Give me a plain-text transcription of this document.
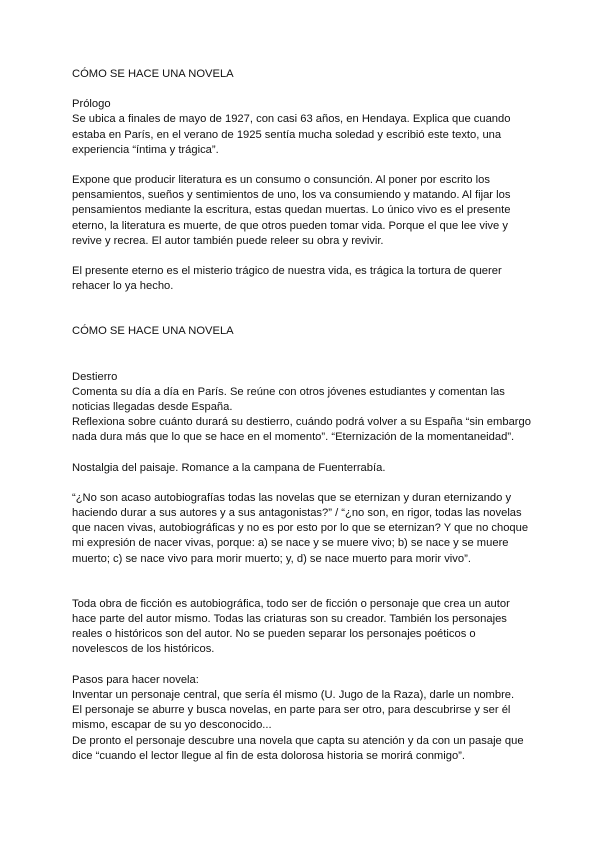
CÓMO SE HACE UNA NOVELA

Prólogo

Se ubica a finales de mayo de 1927, con casi 63 años, en Hendaya. Explica que cuando estaba en París, en el verano de 1925 sentía mucha soledad y escribió este texto, una experiencia “íntima y trágica”.

Expone que producir literatura es un consumo o consunción. Al poner por escrito los pensamientos, sueños y sentimientos de uno, los va consumiendo y matando. Al fijar los pensamientos mediante la escritura, estas quedan muertas. Lo único vivo es el presente eterno, la literatura es muerte, de que otros pueden tomar vida. Porque el que lee vive y revive y recrea. El autor también puede releer su obra y revivir.

El presente eterno es el misterio trágico de nuestra vida, es trágica la tortura de querer rehacer lo ya hecho.

CÓMO SE HACE UNA NOVELA

Destierro

Comenta su día a día en París. Se reúne con otros jóvenes estudiantes y comentan las noticias llegadas desde España.

Reflexiona sobre cuánto durará su destierro, cuándo podrá volver a su España “sin embargo nada dura más que lo que se hace en el momento”. “Eternización de la momentaneidad”.

Nostalgia del paisaje. Romance a la campana de Fuenterrabía.

“¿No son acaso autobiografías todas las novelas que se eternizan y duran eternizando y haciendo durar a sus autores y a sus antagonistas?” / “¿no son, en rigor, todas las novelas que nacen vivas, autobiográficas y no es por esto por lo que se eternizan? Y que no choque mi expresión de nacer vivas, porque: a) se nace y se muere vivo; b) se nace y se muere muerto; c) se nace vivo para morir muerto; y, d) se nace muerto para morir vivo”.

Toda obra de ficción es autobiográfica, todo ser de ficción o personaje que crea un autor hace parte del autor mismo. Todas las criaturas son su creador. También los personajes reales o históricos son del autor. No se pueden separar los personajes poéticos o novelescos de los históricos.

Pasos para hacer novela:

Inventar un personaje central, que sería él mismo (U. Jugo de la Raza), darle un nombre.

El personaje se aburre y busca novelas, en parte para ser otro, para descubrirse y ser él mismo, escapar de su yo desconocido...

De pronto el personaje descubre una novela que capta su atención y da con un pasaje que dice “cuando el lector llegue al fin de esta dolorosa historia se morirá conmigo”.
